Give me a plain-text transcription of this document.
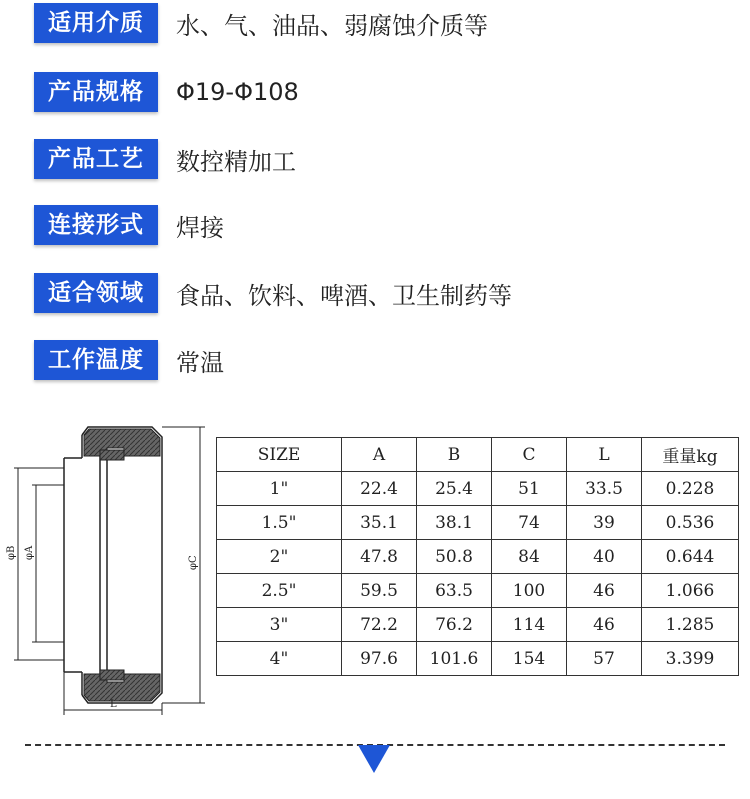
适用介质	水、气、油品、弱腐蚀介质等
产品规格	Φ19-Φ108
产品工艺	数控精加工
连接形式	焊接
适合领域	食品、饮料、啤酒、卫生制药等
工作温度	常温
φB φA
φC
L
SIZE	A	B	C	L	重量kg
1"	22.4	25.4	51	33.5	0.228
1.5"	35.1	38.1	74	39	0.536
2"	47.8	50.8	84	40	0.644
2.5"	59.5	63.5	100	46	1.066
3"	72.2	76.2	114	46	1.285
4"	97.6	101.6	154	57	3.399
